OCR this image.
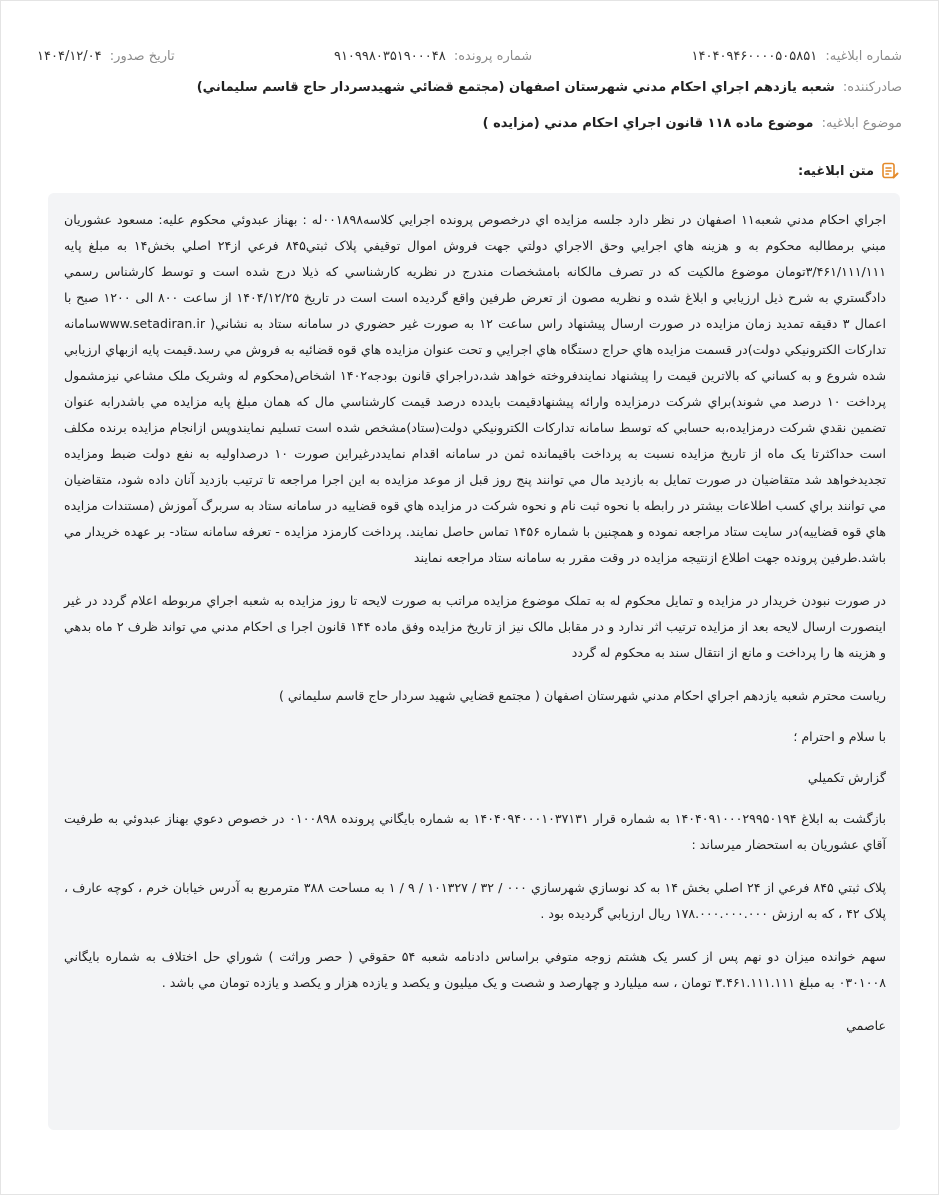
شماره ابلاغیه: ۱۴۰۴۰۹۴۶۰۰۰۰۵۰۵۸۵۱
شماره پرونده: ۹۱۰۹۹۸۰۳۵۱۹۰۰۰۴۸
تاریخ صدور: ۱۴۰۴/۱۲/۰۴
صادرکننده: شعبه يازدهم اجراي احكام مدني شهرستان اصفهان (مجتمع قضائي شهيدسردار حاج قاسم سليماني)
موضوع ابلاغیه: موضوع ماده ۱۱۸ قانون اجراي احكام مدني (مزايده )
متن ابلاغیه:

اجراي احكام مدني شعبه۱۱ اصفهان در نظر دارد جلسه مزايده اي درخصوص پرونده اجرايي كلاسه۰۰۱۸۹۸له : بهناز عبدوئي محكوم عليه: مسعود عشوريان مبني برمطالبه محكوم به و هزينه هاي اجرايي وحق الاجراي دولتي جهت فروش اموال توقيفي پلاک ثبتي۸۴۵ فرعي از۲۴ اصلي بخش۱۴ به مبلغ پايه ۳/۴۶۱/۱۱۱/۱۱۱تومان موضوع مالكيت كه در تصرف مالكانه بامشخصات مندرج در نظريه كارشناسي كه ذيلا درج شده است و توسط كارشناس رسمي دادگستري به شرح ذيل ارزيابي و ابلاغ شده و نظريه مصون از تعرض طرفين واقع گرديده است است در تاريخ ۱۴۰۴/۱۲/۲۵ از ساعت ۸۰۰ الی ۱۲۰۰ صبح با اعمال ۳ دقيقه تمديد زمان مزايده در صورت ارسال پيشنهاد راس ساعت ۱۲ به صورت غير حضوري در سامانه ستاد به نشاني( www.setadiran.irسامانه تداركات الكترونيكي دولت)در قسمت مزايده هاي حراج دستگاه هاي اجرايي و تحت عنوان مزايده هاي قوه قضائيه به فروش مي رسد.قيمت پايه ازبهاي ارزيابي شده شروع و به كساني كه بالاترين قيمت را پيشنهاد نمايندفروخته خواهد شد،دراجراي قانون بودجه۱۴۰۲ اشخاص(محكوم له وشريک ملک مشاعي نيزمشمول پرداخت ۱۰ درصد مي شوند)براي شركت درمزايده وارائه پيشنهادقيمت بايدده درصد قيمت كارشناسي مال كه همان مبلغ پايه مزايده مي باشدرابه عنوان تضمين نقدي شركت درمزايده،به حسابي كه توسط سامانه تداركات الكترونيكي دولت(ستاد)مشخص شده است تسليم نمايندوپس ازانجام مزايده برنده مكلف است حداكثرتا يک ماه از تاريخ مزايده نسبت به پرداخت باقيمانده ثمن در سامانه اقدام نمايددرغيراين صورت ۱۰ درصداوليه به نفع دولت ضبط ومزايده تجديدخواهد شد متقاضيان در صورت تمايل به بازديد مال مي توانند پنج روز قبل از موعد مزايده به اين اجرا مراجعه تا ترتيب بازديد آنان داده شود، متقاضيان مي توانند براي كسب اطلاعات بيشتر در رابطه با نحوه ثبت نام و نحوه شركت در مزايده هاي قوه قضاييه در سامانه ستاد به سربرگ آموزش (مستندات مزايده هاي قوه قضاييه)در سايت ستاد مراجعه نموده و همچنين با شماره ۱۴۵۶ تماس حاصل نمايند. پرداخت كارمزد مزايده - تعرفه سامانه ستاد- بر عهده خريدار مي باشد.طرفين پرونده جهت اطلاع ازنتيجه مزايده در وقت مقرر به سامانه ستاد مراجعه نمايند

در صورت نبودن خريدار در مزايده و تمايل محكوم له به تملک موضوع مزايده مراتب به صورت لايحه تا روز مزايده به شعبه اجراي مربوطه اعلام گردد در غير اينصورت ارسال لايحه بعد از مزايده ترتيب اثر ندارد و در مقابل مالک نيز از تاريخ مزايده وفق ماده ۱۴۴ قانون اجرا ی احكام مدني مي تواند ظرف ۲ ماه بدهي و هزينه ها را پرداخت و مانع از انتقال سند به محكوم له گردد

رياست محترم شعبه يازدهم اجراي احكام مدني شهرستان اصفهان ( مجتمع قضايي شهيد سردار حاج قاسم سليماني )

با سلام و احترام ؛

گزارش تكميلي

بازگشت به ابلاغ ۱۴۰۴۰۹۱۰۰۰۲۹۹۵۰۱۹۴ به شماره قرار ۱۴۰۴۰۹۴۰۰۰۱۰۳۷۱۳۱ به شماره بايگاني پرونده ۰۱۰۰۸۹۸ در خصوص دعوي بهناز عبدوئي به طرفيت آقاي عشوريان به استحضار ميرساند :

پلاک ثبتي ۸۴۵ فرعي از ۲۴ اصلي بخش ۱۴ به كد نوسازي شهرسازي ۰۰۰ / ۳۲ / ۱۰۱۳۲۷ / ۹ / ۱ به مساحت ۳۸۸ مترمربع به آدرس خيابان خرم ، كوچه عارف ، پلاک ۴۲ ، كه به ارزش ۱۷۸.۰۰۰.۰۰۰.۰۰۰ ريال ارزيابي گرديده بود .

سهم خوانده ميزان دو نهم پس از كسر يک هشتم زوجه متوفي براساس دادنامه شعبه ۵۴ حقوقي ( حصر وراثت ) شوراي حل اختلاف به شماره بايگاني ۰۳۰۱۰۰۸ به مبلغ ۳.۴۶۱.۱۱۱.۱۱۱ تومان ، سه ميليارد و چهارصد و شصت و يک ميليون و يكصد و يازده هزار و يكصد و يازده تومان مي باشد .

عاصمي
